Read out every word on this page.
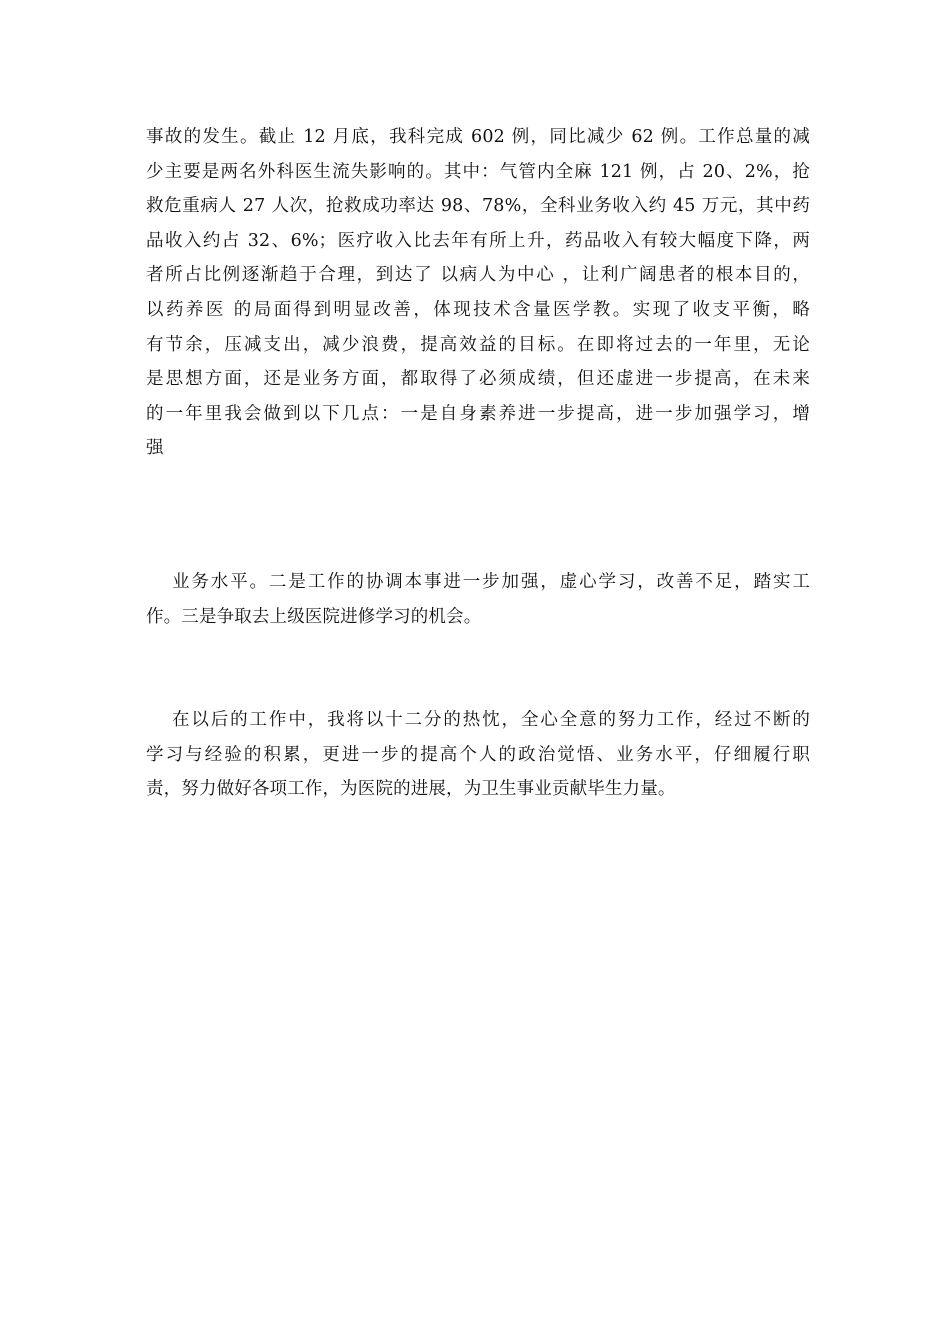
事故的发生。截止 12 月底，我科完成 602 例，同比减少 62 例。工作总量的减
少主要是两名外科医生流失影响的。其中：气管内全麻 121 例，占 20、2%，抢
救危重病人 27 人次，抢救成功率达 98、78%，全科业务收入约 45 万元，其中药
品收入约占 32、6%；医疗收入比去年有所上升，药品收入有较大幅度下降，两
者所占比例逐渐趋于合理，到达了 以病人为中心 ，让利广阔患者的根本目的，
以药养医 的局面得到明显改善，体现技术含量医学教。实现了收支平衡，略
有节余，压减支出，减少浪费，提高效益的目标。在即将过去的一年里，无论
是思想方面，还是业务方面，都取得了必须成绩，但还虚进一步提高，在未来
的一年里我会做到以下几点：一是自身素养进一步提高，进一步加强学习，增
强
业务水平。二是工作的协调本事进一步加强，虚心学习，改善不足，踏实工
作。三是争取去上级医院进修学习的机会。
在以后的工作中，我将以十二分的热忱，全心全意的努力工作，经过不断的
学习与经验的积累，更进一步的提高个人的政治觉悟、业务水平，仔细履行职
责，努力做好各项工作，为医院的进展，为卫生事业贡献毕生力量。
